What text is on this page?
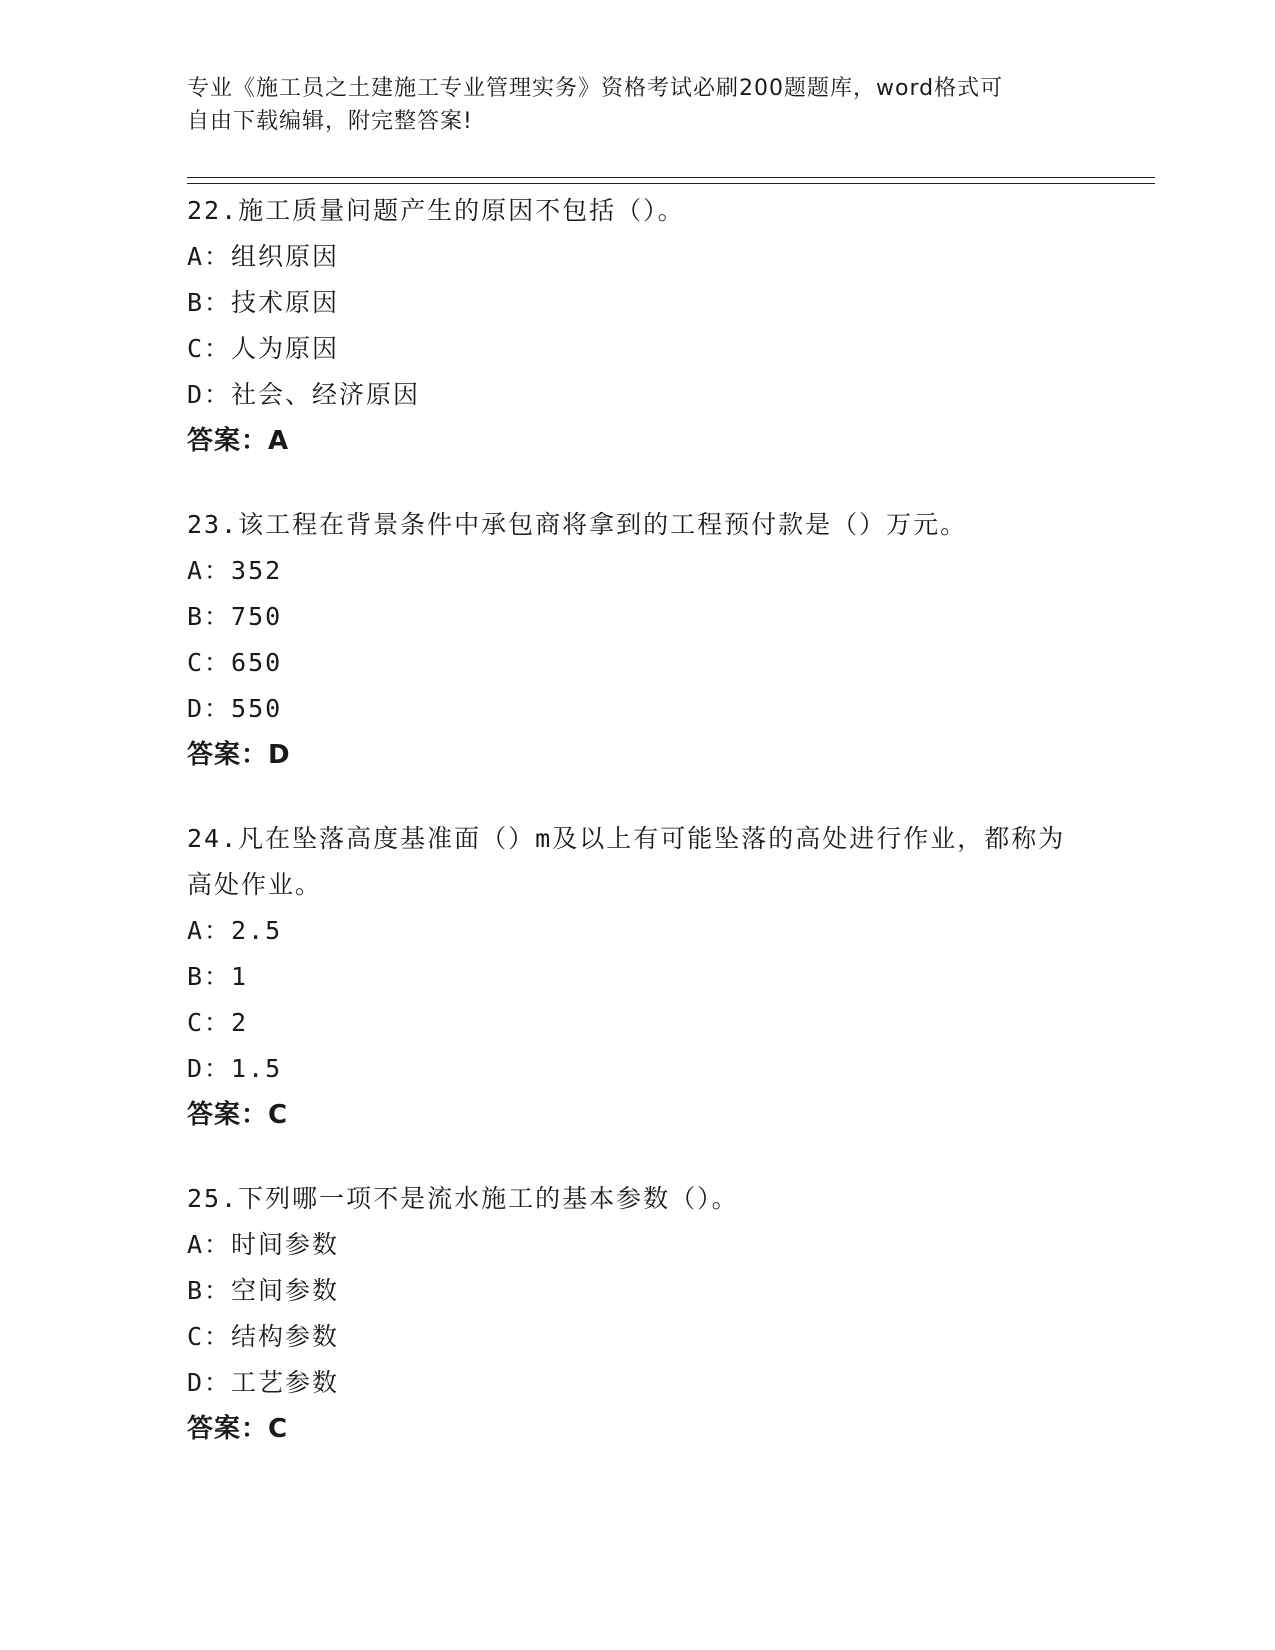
专业《施工员之土建施工专业管理实务》资格考试必刷200题题库，word格式可
自由下载编辑，附完整答案!
22.施工质量问题产生的原因不包括（）。
A：组织原因
B：技术原因
C：人为原因
D：社会、经济原因
答案：A
23.该工程在背景条件中承包商将拿到的工程预付款是（）万元。
A：352
B：750
C：650
D：550
答案：D
24.凡在坠落高度基准面（）m及以上有可能坠落的高处进行作业，都称为高处作业。
A：2.5
B：1
C：2
D：1.5
答案：C
25.下列哪一项不是流水施工的基本参数（）。
A：时间参数
B：空间参数
C：结构参数
D：工艺参数
答案：C
